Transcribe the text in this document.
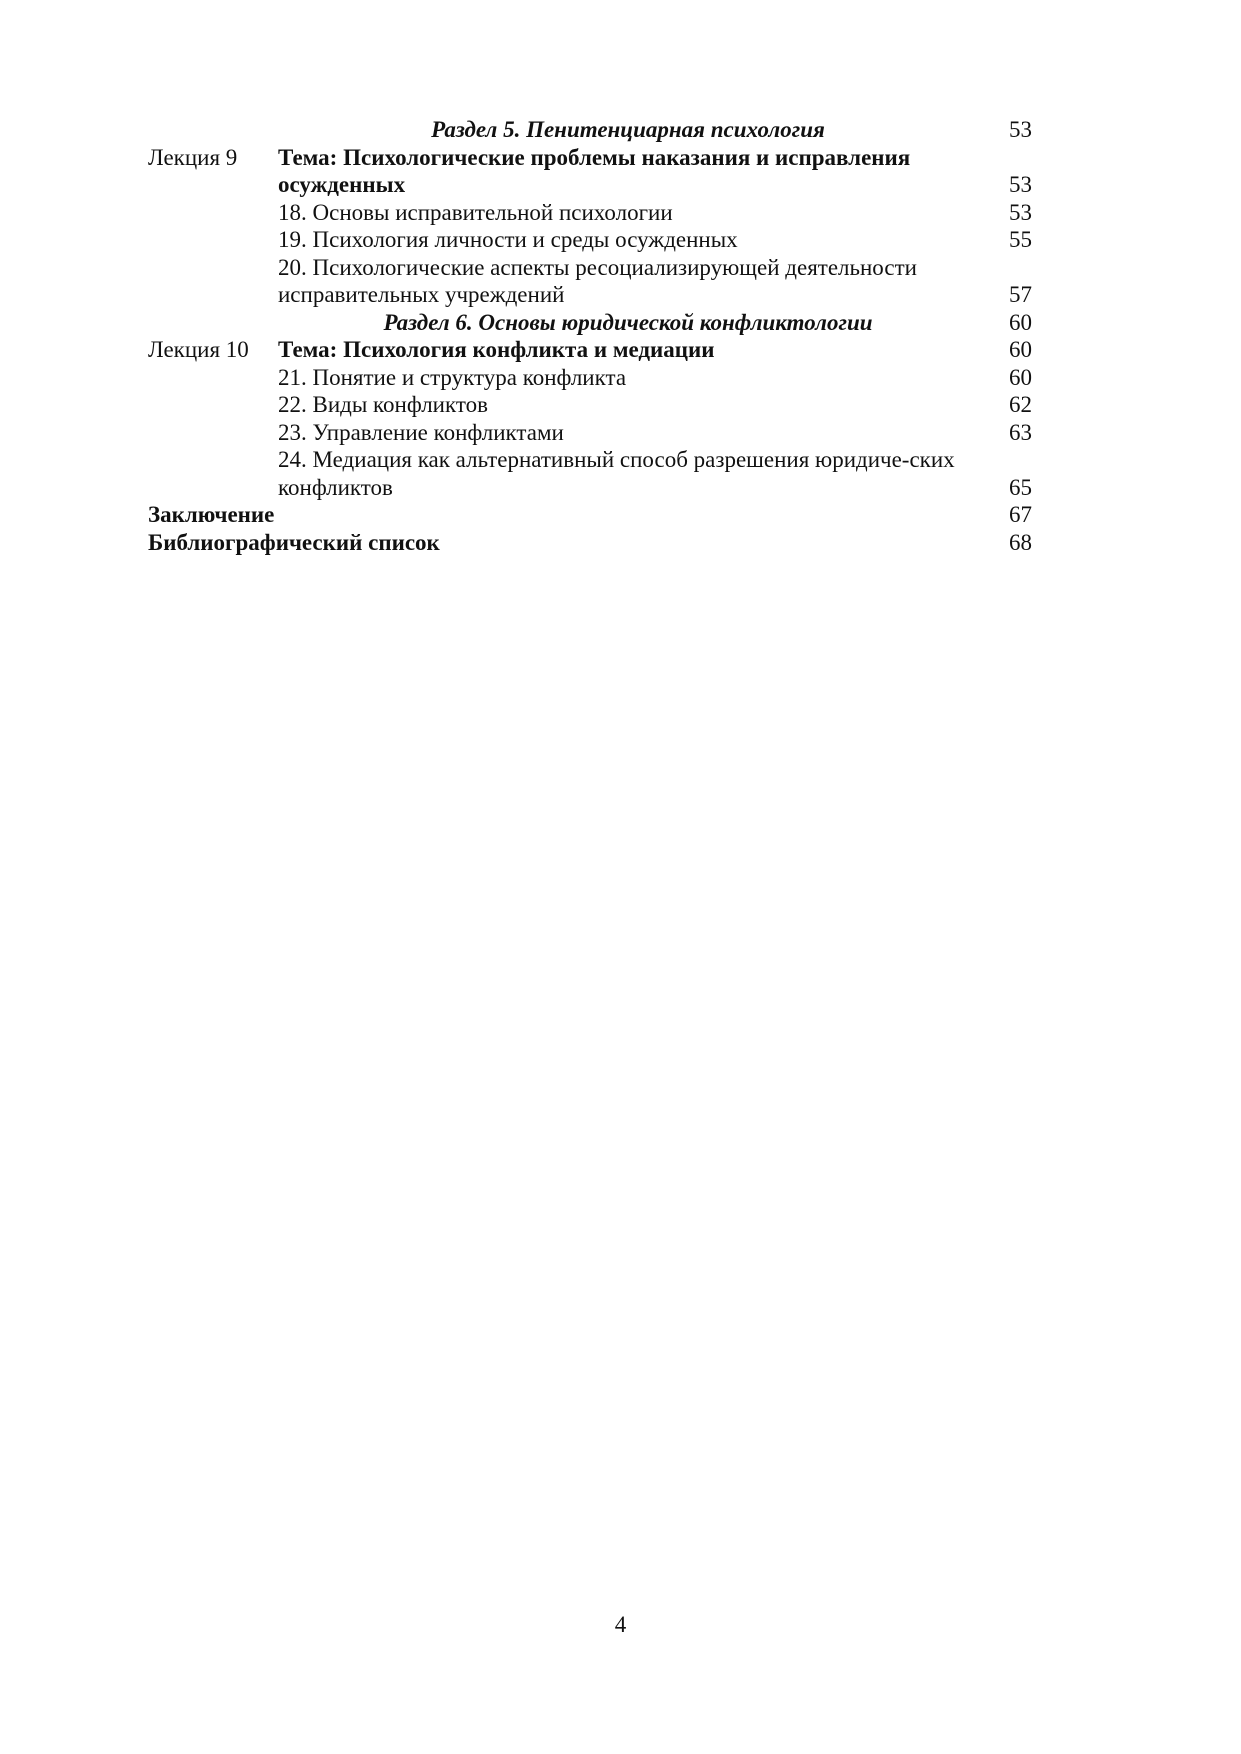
	Раздел 5. Пенитенциарная психология	53
Лекция 9	Тема: Психологические проблемы наказания и исправления осужденных	53
	18. Основы исправительной психологии	53
	19. Психология личности и среды осужденных	55
	20. Психологические аспекты ресоциализирующей деятельности исправительных учреждений	57
	Раздел 6. Основы юридической конфликтологии	60
Лекция 10	Тема: Психология конфликта и медиации	60
	21. Понятие и структура конфликта	60
	22. Виды конфликтов	62
	23. Управление конфликтами	63
	24. Медиация как альтернативный способ разрешения юридиче-ских конфликтов	65
Заключение		67
Библиографический список		68
4
